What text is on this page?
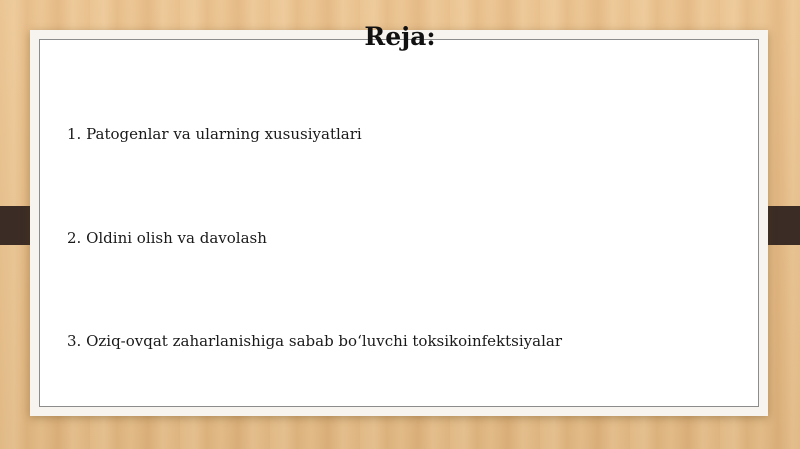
Reja:
1. Patogenlar va ularning xususiyatlari
2. Oldini olish va davolash
3. Oziq-ovqat zaharlanishiga sabab bo‘luvchi toksikoinfektsiyalar
